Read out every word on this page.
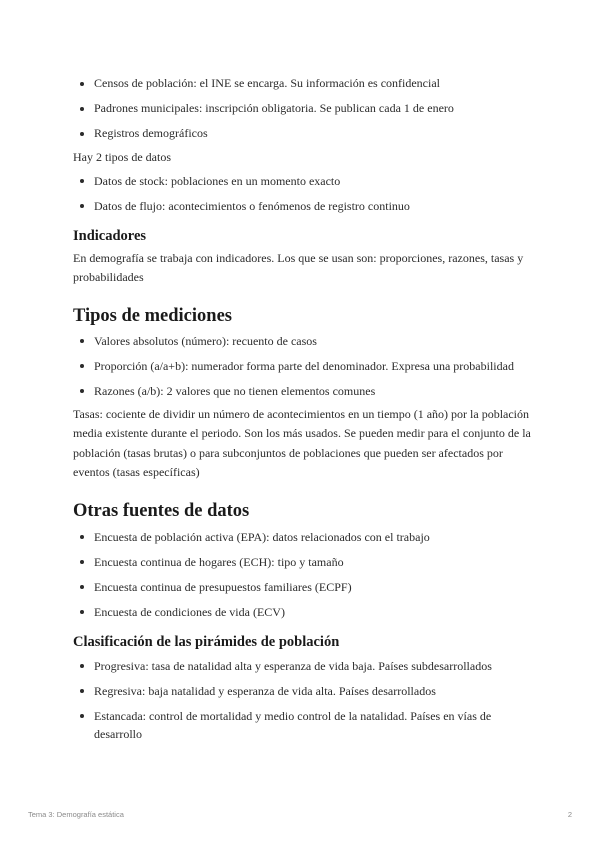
Censos de población: el INE se encarga. Su información es confidencial
Padrones municipales: inscripción obligatoria. Se publican cada 1 de enero
Registros demográficos

Hay 2 tipos de datos

Datos de stock: poblaciones en un momento exacto
Datos de flujo: acontecimientos o fenómenos de registro continuo
Indicadores

En demografía se trabaja con indicadores. Los que se usan son: proporciones, razones, tasas y probabilidades

Tipos de mediciones
Valores absolutos (número): recuento de casos
Proporción (a/a+b): numerador forma parte del denominador. Expresa una probabilidad
Razones (a/b): 2 valores que no tienen elementos comunes

Tasas: cociente de dividir un número de acontecimientos en un tiempo (1 año) por la población media existente durante el periodo. Son los más usados. Se pueden medir para el conjunto de la población (tasas brutas) o para subconjuntos de poblaciones que pueden ser afectados por eventos (tasas específicas)

Otras fuentes de datos
Encuesta de población activa (EPA): datos relacionados con el trabajo
Encuesta continua de hogares (ECH): tipo y tamaño
Encuesta continua de presupuestos familiares (ECPF)
Encuesta de condiciones de vida (ECV)
Clasificación de las pirámides de población
Progresiva: tasa de natalidad alta y esperanza de vida baja. Países subdesarrollados
Regresiva: baja natalidad y esperanza de vida alta. Países desarrollados
Estancada: control de mortalidad y medio control de la natalidad. Países en vías de desarrollo
Tema 3: Demografía estática	2
